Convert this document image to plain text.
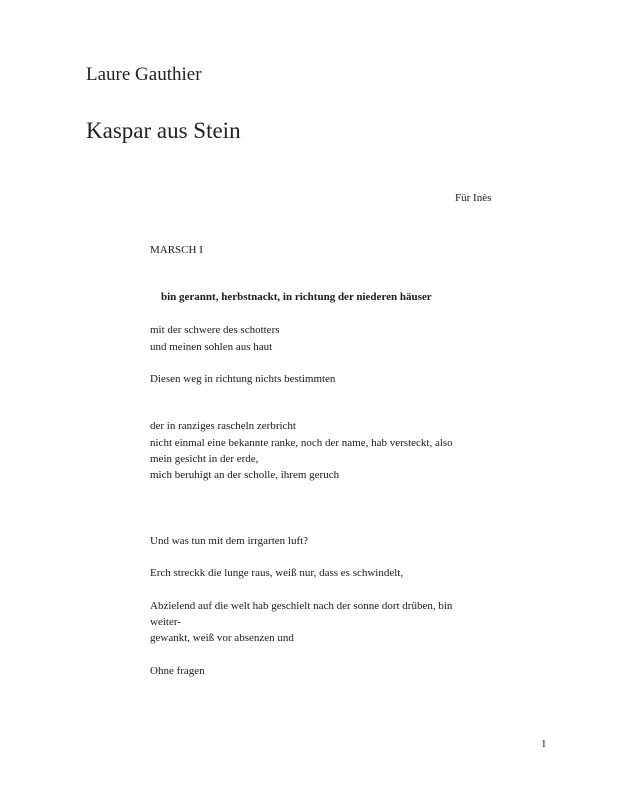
Laure Gauthier
Kaspar aus Stein
Für Inès
MARSCH I
bin gerannt, herbstnackt, in richtung der niederen häuser
mit der schwere des schotters
und meinen sohlen aus haut
Diesen weg in richtung nichts bestimmten
der in ranziges rascheln zerbricht
nicht einmal eine bekannte ranke, noch der name, hab versteckt, also
mein gesicht in der erde,
mich beruhigt an der scholle, ihrem geruch
Und was tun mit dem irrgarten luft?
Erch streckk die lunge raus, weiß nur, dass es schwindelt,
Abzielend auf die welt hab geschielt nach der sonne dort drüben, bin
weiter-
gewankt, weiß vor absenzen und
Ohne fragen
1
